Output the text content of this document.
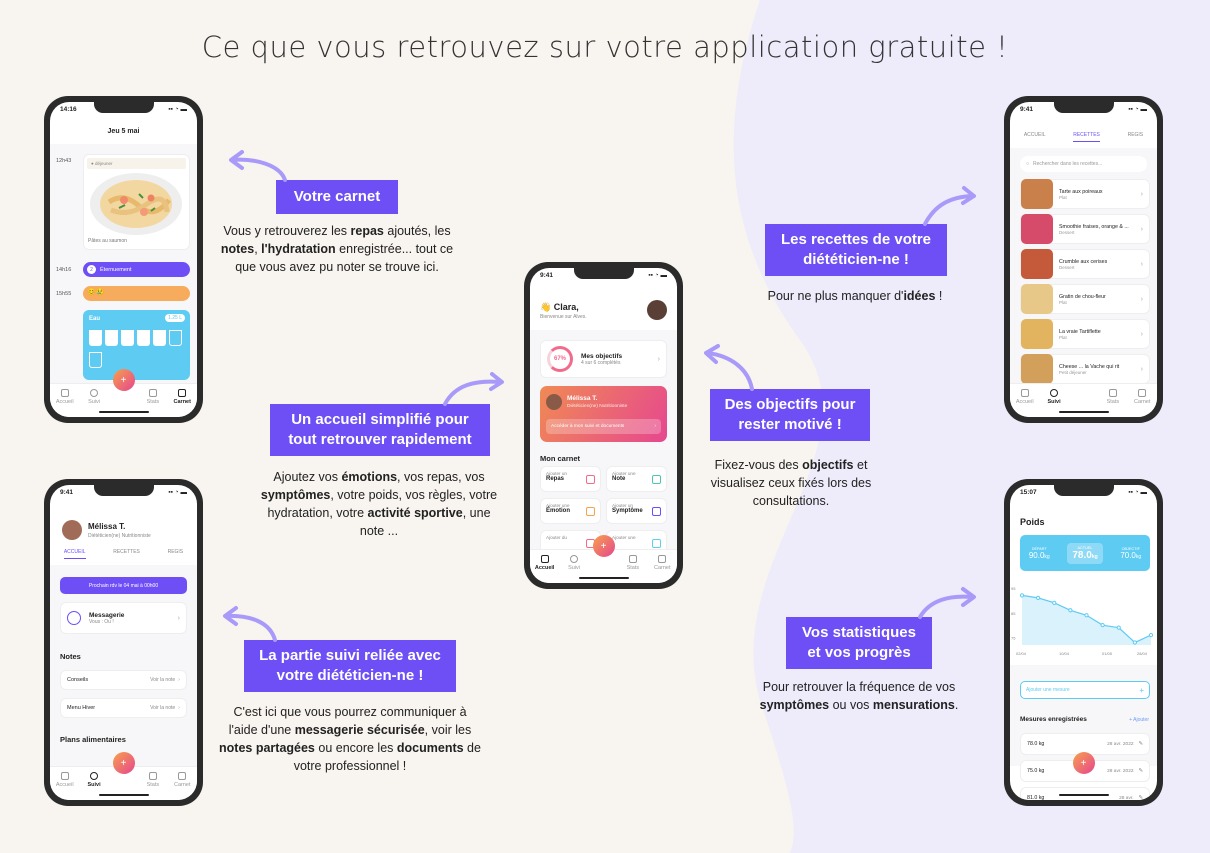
Ce que vous retrouvez sur votre application gratuite !
14:16	▪▪ ◔ ▬
Jeu 5 mai
12h43	● déjeuner
Pâtes au saumon
14h16	2	Éternuement
15h55	😊😢
Eau	1.25 L
Accueil	Suivi	Stats	Carnet
+
9:41	▪▪ ◔ ▬
Mélissa T.
Diététicien(ne) Nutritionniste
ACCUEIL	RECETTES	REGIS
Prochain rdv le 04 mai à 00h00
Messagerie
Vous : Ou !	›
Notes
Conseils	Voir la note ›
Menu Hiver	Voir la note ›
Plans alimentaires
Accueil	Suivi	Stats	Carnet
+
9:41	▪▪ ◔ ▬
👋 Clara,
Bienvenue sur Alves.
67%	Mes objectifs
4 sur 6 complétés	›
Mélissa T.
Diététicien(ne) Nutritionniste
Accéder à mon suivi et documents	›
Mon carnet
Ajouter un
Repas
Ajouter une
Note
Ajouter une
Émotion
Ajouter un
Symptôme
Ajouter du	Ajouter une
Accueil Suivi	Stats	Carnet
+
9:41	▪▪ ◔ ▬
ACCUEIL	RECETTES	REGIS
○ Rechercher dans les recettes...
Tarte aux poireaux
Plat	›
Smoothie fraises, orange & ...
Dessert	›
Crumble aux cerises
Dessert	›
Gratin de chou-fleur
Plat	›
La vraie Tartiflette
Plat	›
Cheese ... la Vache qui rit
Petit déjeuner	›
Accueil	Suivi	Stats	Carnet
15:07	▪▪ ◔ ▬
Poids
DÉPART
90.0kg
ACTUEL
78.0kg
OBJECTIF
70.0kg
95
85
75
02/04	10/04	01/05	28/04
Ajouter une mesure	+
Mesures enregistrées	+ Ajouter
78.0 kg	28 avr. 2022 ✎
75.0 kg	28 avr. 2022 ✎
81.0 kg	28 avr. ✎
+
Votre carnet
Vous y retrouverez les repas ajoutés, les notes, l'hydratation enregistrée... tout ce que vous avez pu noter se trouve ici.
Un accueil simplifié pour tout retrouver rapidement
Ajoutez vos émotions, vos repas, vos symptômes, votre poids, vos règles, votre hydratation, votre activité sportive, une note ...
La partie suivi reliée avec votre diététicien-ne !
C'est ici que vous pourrez communiquer à l'aide d'une messagerie sécurisée, voir les notes partagées ou encore les documents de votre professionnel !
Les recettes de votre diététicien-ne !
Pour ne plus manquer d'idées !
Des objectifs pour rester motivé !
Fixez-vous des objectifs et visualisez ceux fixés lors des consultations.
Vos statistiques et vos progrès
Pour retrouver la fréquence de vos symptômes ou vos mensurations.
